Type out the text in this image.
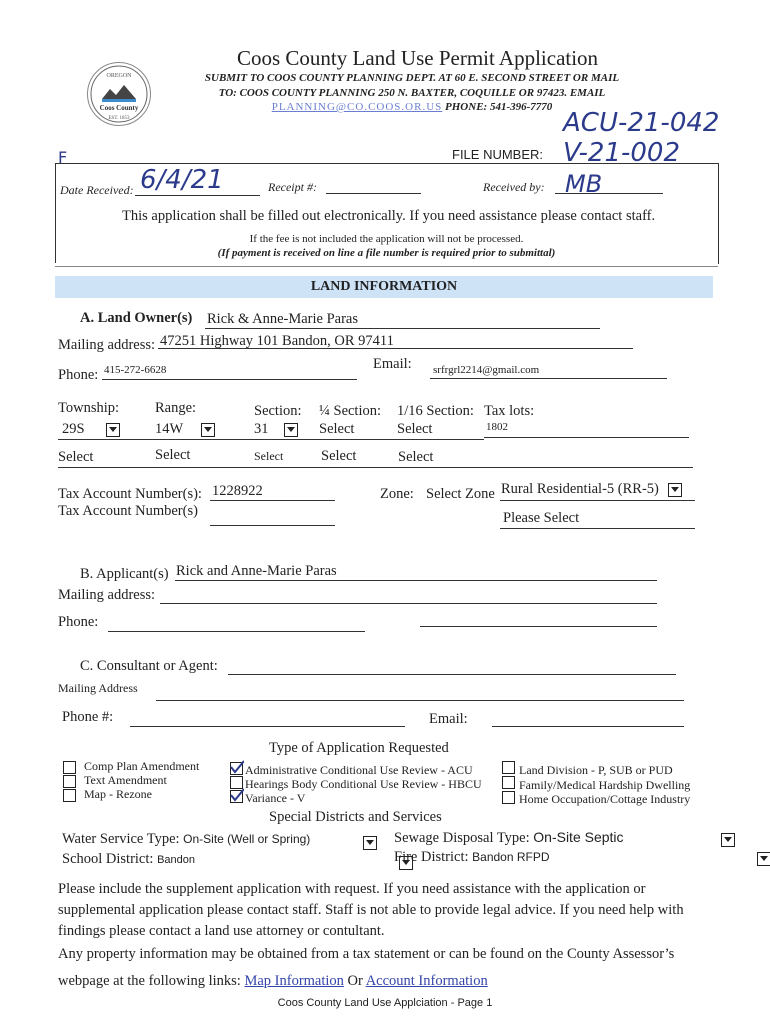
Coos County Land Use Permit Application
OREGON
Coos County
EST. 1853
SUBMIT TO COOS COUNTY PLANNING DEPT. AT 60 E. SECOND STREET OR MAIL
TO: COOS COUNTY PLANNING 250 N. BAXTER, COQUILLE OR 97423. EMAIL
PLANNING@CO.COOS.OR.US PHONE: 541-396-7770
ACU-21-042
F	FILE NUMBER: V-21-002
Date Received: 6/4/21	Receipt #:	Received by: MB
This application shall be filled out electronically. If you need assistance please contact staff.
If the fee is not included the application will not be processed.
(If payment is received on line a file number is required prior to submittal)
LAND INFORMATION
A. Land Owner(s) Rick & Anne-Marie Paras
Mailing address: 47251 Highway 101 Bandon, OR 97411
Email: srfrgrl2214@gmail.com
Phone: 415-272-6628
Township:
29S
Range:
14W
Section:
31
¼ Section:
Select
1/16 Section:
Select
Tax lots:
1802
Select	Select	Select	Select	Select
Tax Account Number(s): 1228922
Tax Account Number(s)
Zone: Select Zone Rural Residential-5 (RR-5)
Please Select
B. Applicant(s) Rick and Anne-Marie Paras
Mailing address:
Phone:
C. Consultant or Agent:
Mailing Address
Phone #:	Email:
Type of Application Requested
Comp Plan Amendment
Text Amendment
Map - Rezone
Administrative Conditional Use Review - ACU
Hearings Body Conditional Use Review - HBCU
Variance - V
Land Division - P, SUB or PUD
Family/Medical Hardship Dwelling
Home Occupation/Cottage Industry
Special Districts and Services
Water Service Type: On-Site (Well or Spring)
	Sewage Disposal Type: On-Site Septic

School District: Bandon
	Fire District: Bandon RFPD
Please include the supplement application with request. If you need assistance with the application or supplemental application please contact staff. Staff is not able to provide legal advice. If you need help with findings please contact a land use attorney or contultant.
Any property information may be obtained from a tax statement or can be found on the County Assessor’s
webpage at the following links: Map Information Or Account Information
Coos County Land Use Applciation - Page 1
